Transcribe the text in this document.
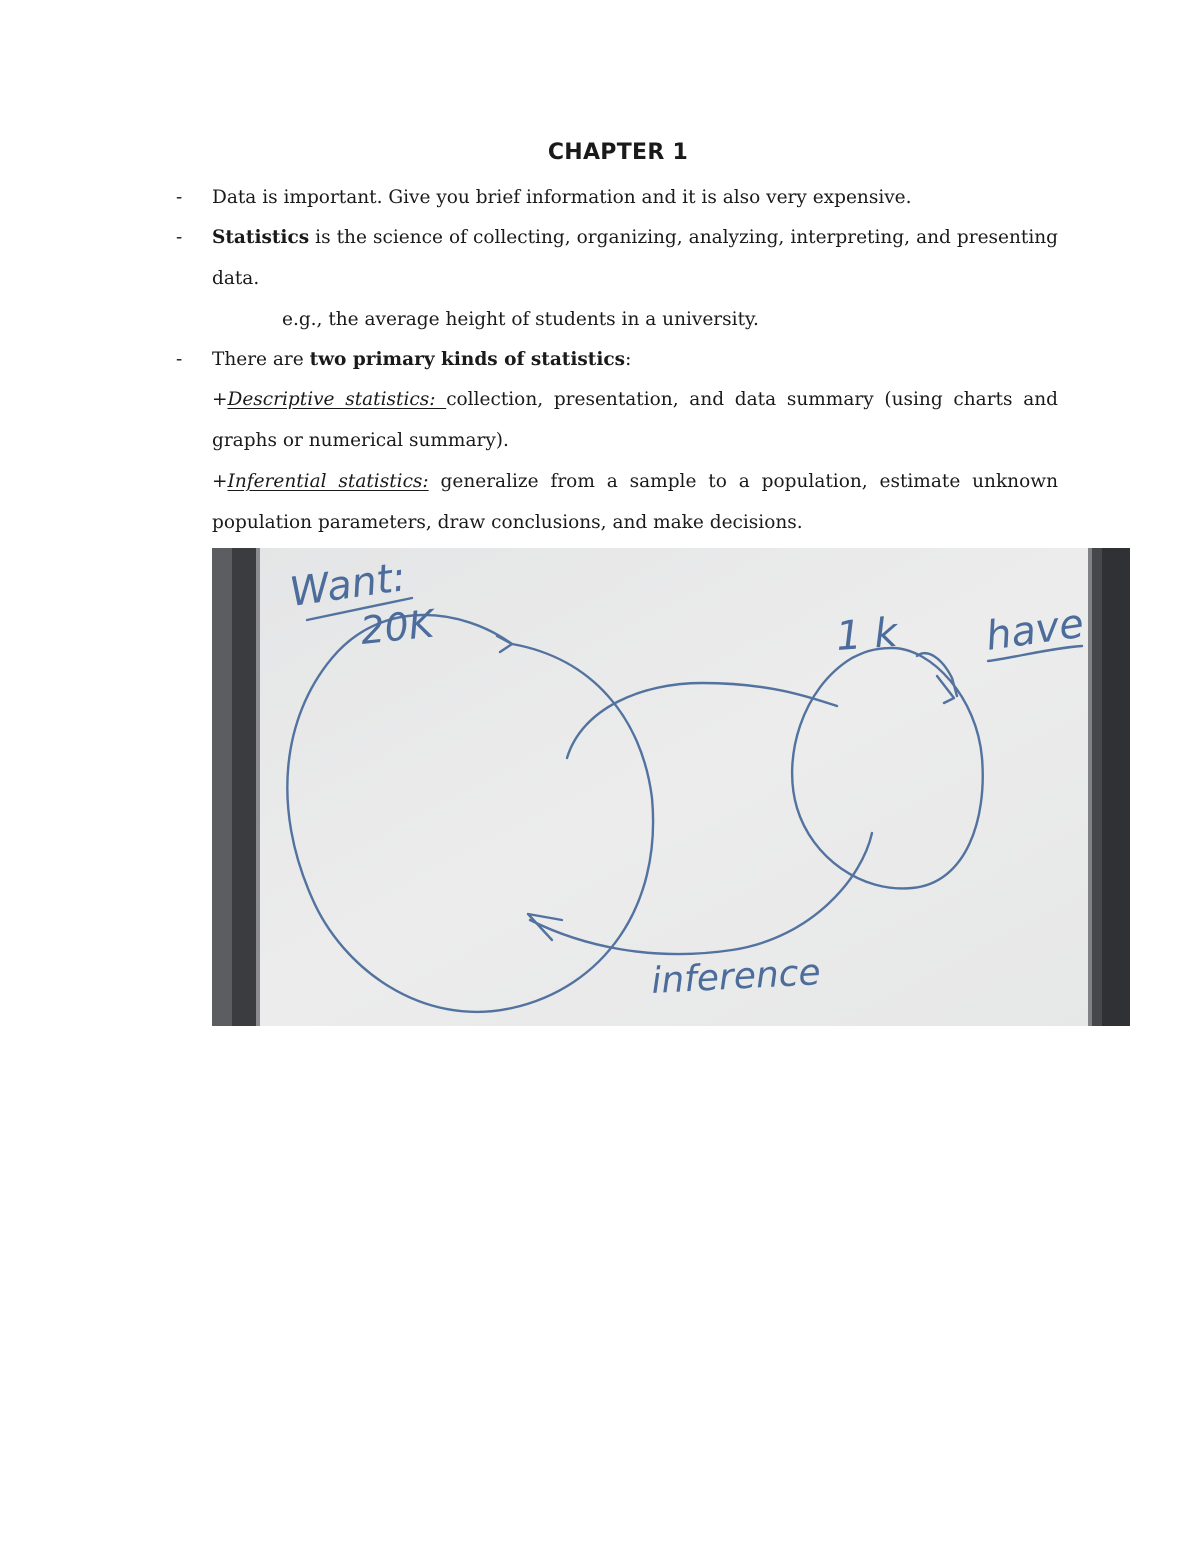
CHAPTER 1
- Data is important. Give you brief information and it is also very expensive.
- Statistics is the science of collecting, organizing, analyzing, interpreting, and presenting
data.
e.g., the average height of students in a university.
- There are two primary kinds of statistics:
+Descriptive statistics: collection, presentation, and data summary (using charts and
graphs or numerical summary).
+Inferential statistics: generalize from a sample to a population, estimate unknown
population parameters, draw conclusions, and make decisions.
Want:
20K	1 k have
inference
